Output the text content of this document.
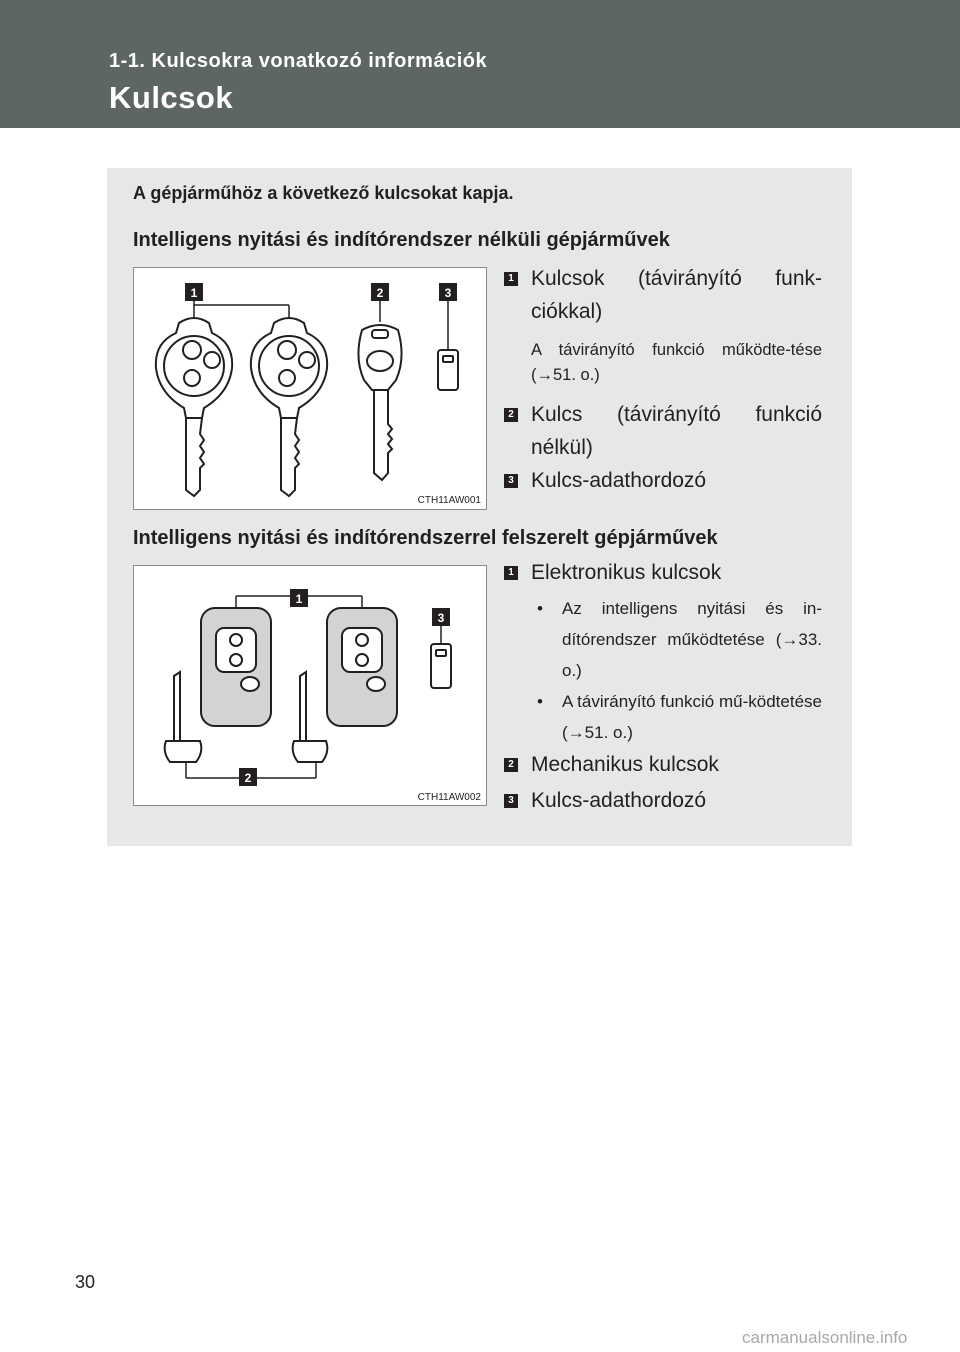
1-1. Kulcsokra vonatkozó információk
Kulcsok
A gépjárműhöz a következő kulcsokat kapja.
Intelligens nyitási és indítórendszer nélküli gépjárművek
1	2	3
CTH11AW001
1 Kulcsok (távirányító funk-ciókkal)
A távirányító funkció működte-tése (→51. o.)
2 Kulcs (távirányító funkció nélkül)
3 Kulcs-adathordozó
Intelligens nyitási és indítórendszerrel felszerelt gépjárművek
1
2
3
CTH11AW002
1 Elektronikus kulcsok
•	Az intelligens nyitási és in-dítórendszer működtetése (→33. o.)
•	A távirányító funkció mű-ködtetése (→51. o.)
2 Mechanikus kulcsok
3 Kulcs-adathordozó
30
carmanualsonline.info
